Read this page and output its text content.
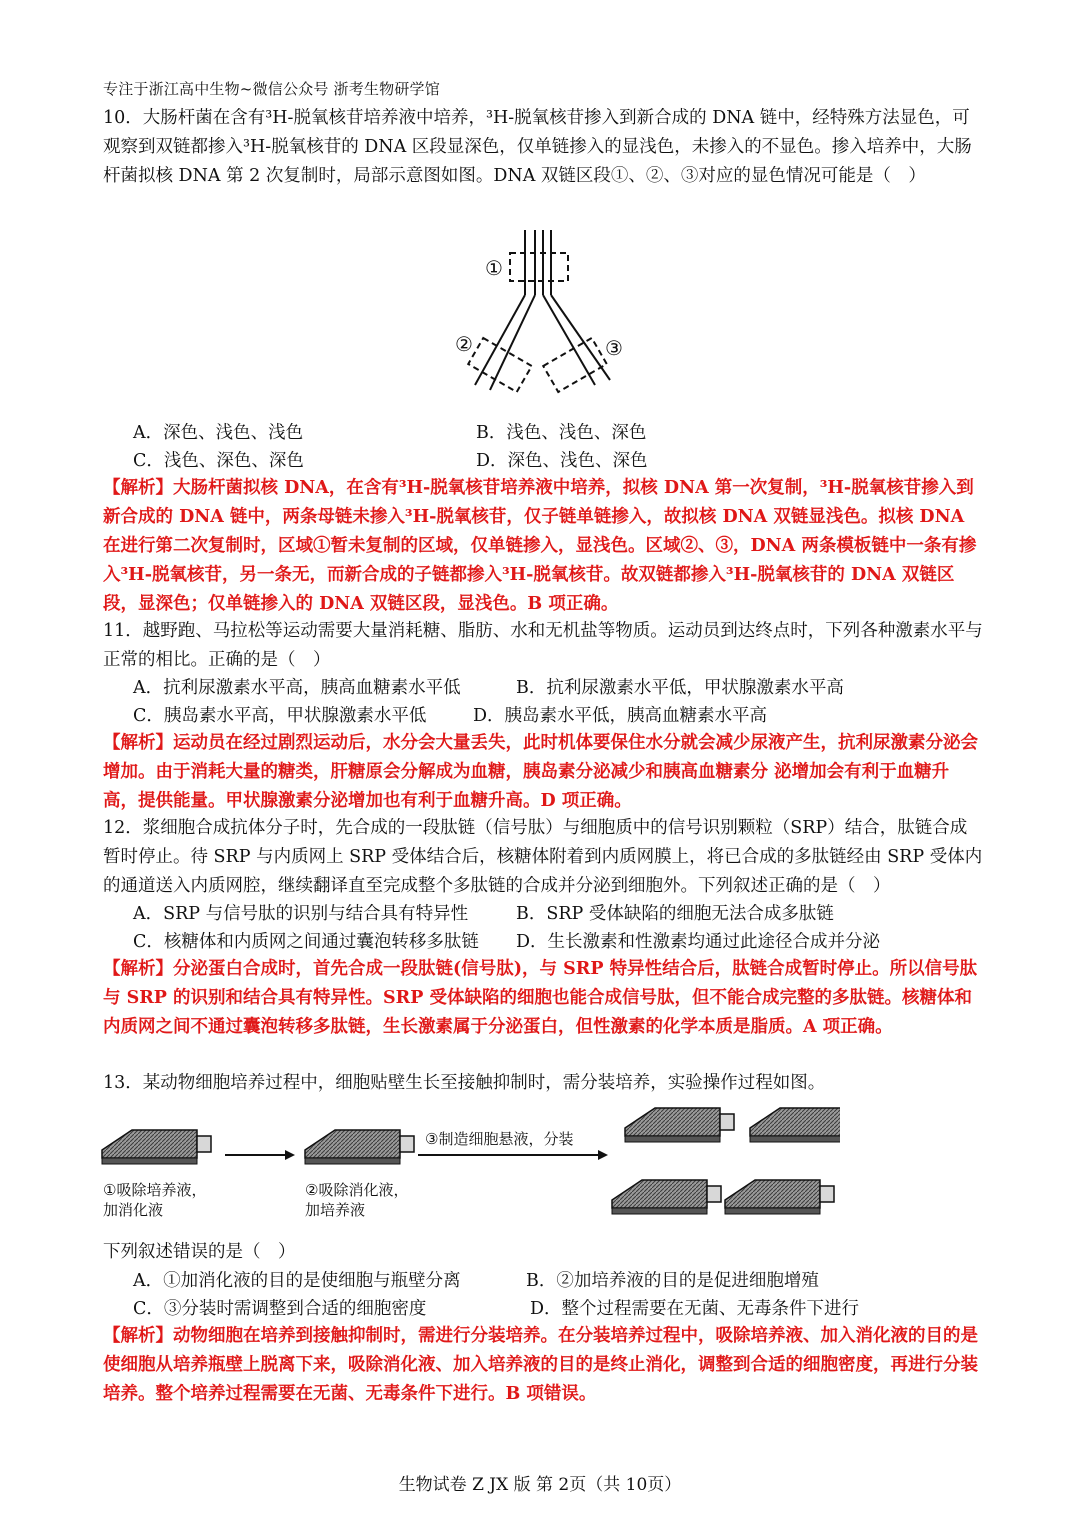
专注于浙江高中生物~微信公众号 浙考生物研学馆
10．大肠杆菌在含有³H-脱氧核苷培养液中培养，³H-脱氧核苷掺入到新合成的 DNA 链中，经特殊方法显色，可观察到双链都掺入³H-脱氧核苷的 DNA 区段显深色，仅单链掺入的显浅色，未掺入的不显色。掺入培养中，大肠杆菌拟核 DNA 第 2 次复制时，局部示意图如图。DNA 双链区段①、②、③对应的显色情况可能是（　）
①
②	③
A．深色、浅色、浅色	B．浅色、浅色、深色
C．浅色、深色、深色	D．深色、浅色、深色
【解析】大肠杆菌拟核 DNA，在含有³H-脱氧核苷培养液中培养，拟核 DNA 第一次复制，³H-脱氧核苷掺入到新合成的 DNA 链中，两条母链未掺入³H-脱氧核苷，仅子链单链掺入，故拟核 DNA 双链显浅色。拟核 DNA 在进行第二次复制时，区域①暂未复制的区域，仅单链掺入，显浅色。区域②、③，DNA 两条模板链中一条有掺入³H-脱氧核苷，另一条无，而新合成的子链都掺入³H-脱氧核苷。故双链都掺入³H-脱氧核苷的 DNA 双链区段，显深色；仅单链掺入的 DNA 双链区段，显浅色。B 项正确。
11．越野跑、马拉松等运动需要大量消耗糖、脂肪、水和无机盐等物质。运动员到达终点时，下列各种激素水平与正常的相比。正确的是（　）
A．抗利尿激素水平高，胰高血糖素水平低	B．抗利尿激素水平低，甲状腺激素水平高
C．胰岛素水平高，甲状腺激素水平低	D．胰岛素水平低，胰高血糖素水平高
【解析】运动员在经过剧烈运动后，水分会大量丢失，此时机体要保住水分就会减少尿液产生，抗利尿激素分泌会增加。由于消耗大量的糖类，肝糖原会分解成为血糖，胰岛素分泌减少和胰高血糖素分 泌增加会有利于血糖升高，提供能量。甲状腺激素分泌增加也有利于血糖升高。D 项正确。
12．浆细胞合成抗体分子时，先合成的一段肽链（信号肽）与细胞质中的信号识别颗粒（SRP）结合，肽链合成暂时停止。待 SRP 与内质网上 SRP 受体结合后，核糖体附着到内质网膜上，将已合成的多肽链经由 SRP 受体内的通道送入内质网腔，继续翻译直至完成整个多肽链的合成并分泌到细胞外。下列叙述正确的是（　）
A．SRP 与信号肽的识别与结合具有特异性	B．SRP 受体缺陷的细胞无法合成多肽链
C．核糖体和内质网之间通过囊泡转移多肽链 D．生长激素和性激素均通过此途径合成并分泌
【解析】分泌蛋白合成时，首先合成一段肽链(信号肽)，与 SRP 特异性结合后，肽链合成暂时停止。所以信号肽与 SRP 的识别和结合具有特异性。SRP 受体缺陷的细胞也能合成信号肽，但不能合成完整的多肽链。核糖体和内质网之间不通过囊泡转移多肽链，生长激素属于分泌蛋白，但性激素的化学本质是脂质。A 项正确。
13．某动物细胞培养过程中，细胞贴壁生长至接触抑制时，需分装培养，实验操作过程如图。
③制造细胞悬液，分装
①吸除培养液，
加消化液
②吸除消化液，
加培养液
下列叙述错误的是（　）
A．①加消化液的目的是使细胞与瓶壁分离	B．②加培养液的目的是促进细胞增殖
C．③分装时需调整到合适的细胞密度	D．整个过程需要在无菌、无毒条件下进行
【解析】动物细胞在培养到接触抑制时，需进行分装培养。在分装培养过程中，吸除培养液、加入消化液的目的是使细胞从培养瓶壁上脱离下来，吸除消化液、加入培养液的目的是终止消化，调整到合适的细胞密度，再进行分装培养。整个培养过程需要在无菌、无毒条件下进行。B 项错误。
生物试卷 Z JX 版 第 2页（共 10页）
